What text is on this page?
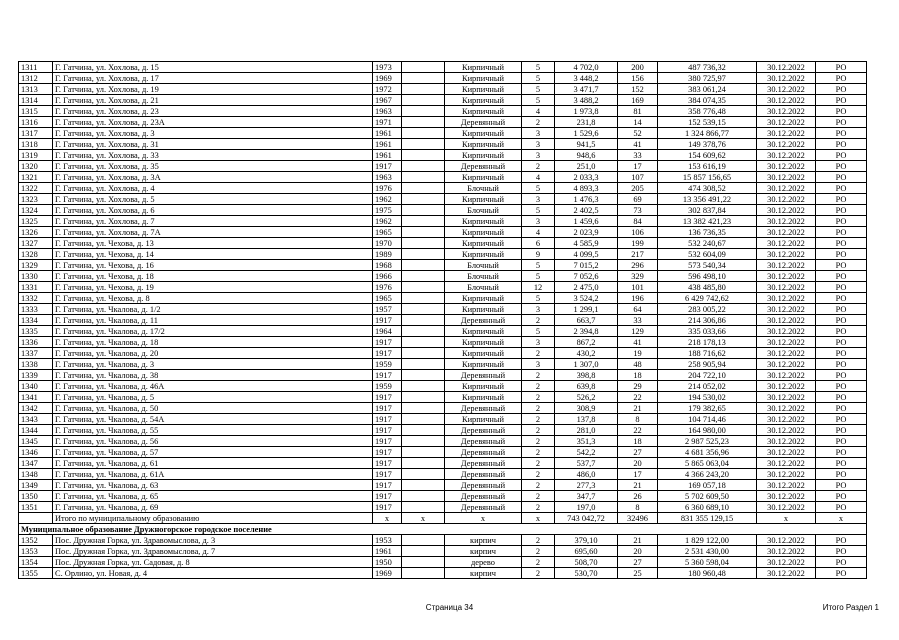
1311	Г. Гатчина, ул. Хохлова, д. 15	1973		Кирпичный	5	4 702,0	200	487 736,32	30.12.2022	РО
1312	Г. Гатчина, ул. Хохлова, д. 17	1969		Кирпичный	5	3 448,2	156	380 725,97	30.12.2022	РО
1313	Г. Гатчина, ул. Хохлова, д. 19	1972		Кирпичный	5	3 471,7	152	383 061,24	30.12.2022	РО
1314	Г. Гатчина, ул. Хохлова, д. 21	1967		Кирпичный	5	3 488,2	169	384 074,35	30.12.2022	РО
1315	Г. Гатчина, ул. Хохлова, д. 23	1963		Кирпичный	4	1 973,8	81	358 776,48	30.12.2022	РО
1316	Г. Гатчина, ул. Хохлова, д. 23А	1971		Деревянный	2	231,8	14	152 539,15	30.12.2022	РО
1317	Г. Гатчина, ул. Хохлова, д. 3	1961		Кирпичный	3	1 529,6	52	1 324 866,77	30.12.2022	РО
1318	Г. Гатчина, ул. Хохлова, д. 31	1961		Кирпичный	3	941,5	41	149 378,76	30.12.2022	РО
1319	Г. Гатчина, ул. Хохлова, д. 33	1961		Кирпичный	3	948,6	33	154 609,62	30.12.2022	РО
1320	Г. Гатчина, ул. Хохлова, д. 35	1917		Деревянный	2	251,0	17	153 616,19	30.12.2022	РО
1321	Г. Гатчина, ул. Хохлова, д. 3А	1963		Кирпичный	4	2 033,3	107	15 857 156,65	30.12.2022	РО
1322	Г. Гатчина, ул. Хохлова, д. 4	1976		Блочный	5	4 893,3	205	474 308,52	30.12.2022	РО
1323	Г. Гатчина, ул. Хохлова, д. 5	1962		Кирпичный	3	1 476,3	69	13 356 491,22	30.12.2022	РО
1324	Г. Гатчина, ул. Хохлова, д. 6	1975		Блочный	5	2 402,5	73	302 837,84	30.12.2022	РО
1325	Г. Гатчина, ул. Хохлова, д. 7	1962		Кирпичный	3	1 459,6	84	13 382 421,23	30.12.2022	РО
1326	Г. Гатчина, ул. Хохлова, д. 7А	1965		Кирпичный	4	2 023,9	106	136 736,35	30.12.2022	РО
1327	Г. Гатчина, ул. Чехова, д. 13	1970		Кирпичный	6	4 585,9	199	532 240,67	30.12.2022	РО
1328	Г. Гатчина, ул. Чехова, д. 14	1989		Кирпичный	9	4 099,5	217	532 604,09	30.12.2022	РО
1329	Г. Гатчина, ул. Чехова, д. 16	1968		Блочный	5	7 015,2	296	573 540,34	30.12.2022	РО
1330	Г. Гатчина, ул. Чехова, д. 18	1966		Блочный	5	7 052,6	329	596 498,10	30.12.2022	РО
1331	Г. Гатчина, ул. Чехова, д. 19	1976		Блочный	12	2 475,0	101	438 485,80	30.12.2022	РО
1332	Г. Гатчина, ул. Чехова, д. 8	1965		Кирпичный	5	3 524,2	196	6 429 742,62	30.12.2022	РО
1333	Г. Гатчина, ул. Чкалова, д. 1/2	1957		Кирпичный	3	1 299,1	64	283 005,22	30.12.2022	РО
1334	Г. Гатчина, ул. Чкалова, д. 11	1917		Деревянный	2	663,7	33	214 306,86	30.12.2022	РО
1335	Г. Гатчина, ул. Чкалова, д. 17/2	1964		Кирпичный	5	2 394,8	129	335 033,66	30.12.2022	РО
1336	Г. Гатчина, ул. Чкалова, д. 18	1917		Кирпичный	3	867,2	41	218 178,13	30.12.2022	РО
1337	Г. Гатчина, ул. Чкалова, д. 20	1917		Кирпичный	2	430,2	19	188 716,62	30.12.2022	РО
1338	Г. Гатчина, ул. Чкалова, д. 3	1959		Кирпичный	3	1 307,0	48	258 905,94	30.12.2022	РО
1339	Г. Гатчина, ул. Чкалова, д. 38	1917		Деревянный	2	398,8	18	204 722,10	30.12.2022	РО
1340	Г. Гатчина, ул. Чкалова, д. 46А	1959		Кирпичный	2	639,8	29	214 052,02	30.12.2022	РО
1341	Г. Гатчина, ул. Чкалова, д. 5	1917		Кирпичный	2	526,2	22	194 530,02	30.12.2022	РО
1342	Г. Гатчина, ул. Чкалова, д. 50	1917		Деревянный	2	308,9	21	179 382,65	30.12.2022	РО
1343	Г. Гатчина, ул. Чкалова, д. 54А	1917		Кирпичный	2	137,8	8	104 714,46	30.12.2022	РО
1344	Г. Гатчина, ул. Чкалова, д. 55	1917		Деревянный	2	281,0	22	164 980,00	30.12.2022	РО
1345	Г. Гатчина, ул. Чкалова, д. 56	1917		Деревянный	2	351,3	18	2 987 525,23	30.12.2022	РО
1346	Г. Гатчина, ул. Чкалова, д. 57	1917		Деревянный	2	542,2	27	4 681 356,96	30.12.2022	РО
1347	Г. Гатчина, ул. Чкалова, д. 61	1917		Деревянный	2	537,7	20	5 865 063,04	30.12.2022	РО
1348	Г. Гатчина, ул. Чкалова, д. 61А	1917		Деревянный	2	486,0	17	4 366 243,20	30.12.2022	РО
1349	Г. Гатчина, ул. Чкалова, д. 63	1917		Деревянный	2	277,3	21	169 057,18	30.12.2022	РО
1350	Г. Гатчина, ул. Чкалова, д. 65	1917		Деревянный	2	347,7	26	5 702 609,50	30.12.2022	РО
1351	Г. Гатчина, ул. Чкалова, д. 69	1917		Деревянный	2	197,0	8	6 360 689,10	30.12.2022	РО
	Итого по муниципальному образованию	х	х	х	х	743 042,72	32496	831 355 129,15	х	х
Муниципальное образование Дружногорское городское поселение										
1352	Пос. Дружная Горка, ул. Здравомыслова, д. 3	1953		кирпич	2	379,10	21	1 829 122,00	30.12.2022	РО
1353	Пос. Дружная Горка, ул. Здравомыслова, д. 7	1961		кирпич	2	695,60	20	2 531 430,00	30.12.2022	РО
1354	Пос. Дружная Горка, ул. Садовая, д. 8	1950		дерево	2	508,70	27	5 360 598,04	30.12.2022	РО
1355	С. Орлино, ул. Новая, д. 4	1969		кирпич	2	530,70	25	180 960,48	30.12.2022	РО
Страница 34	Итого Раздел 1
